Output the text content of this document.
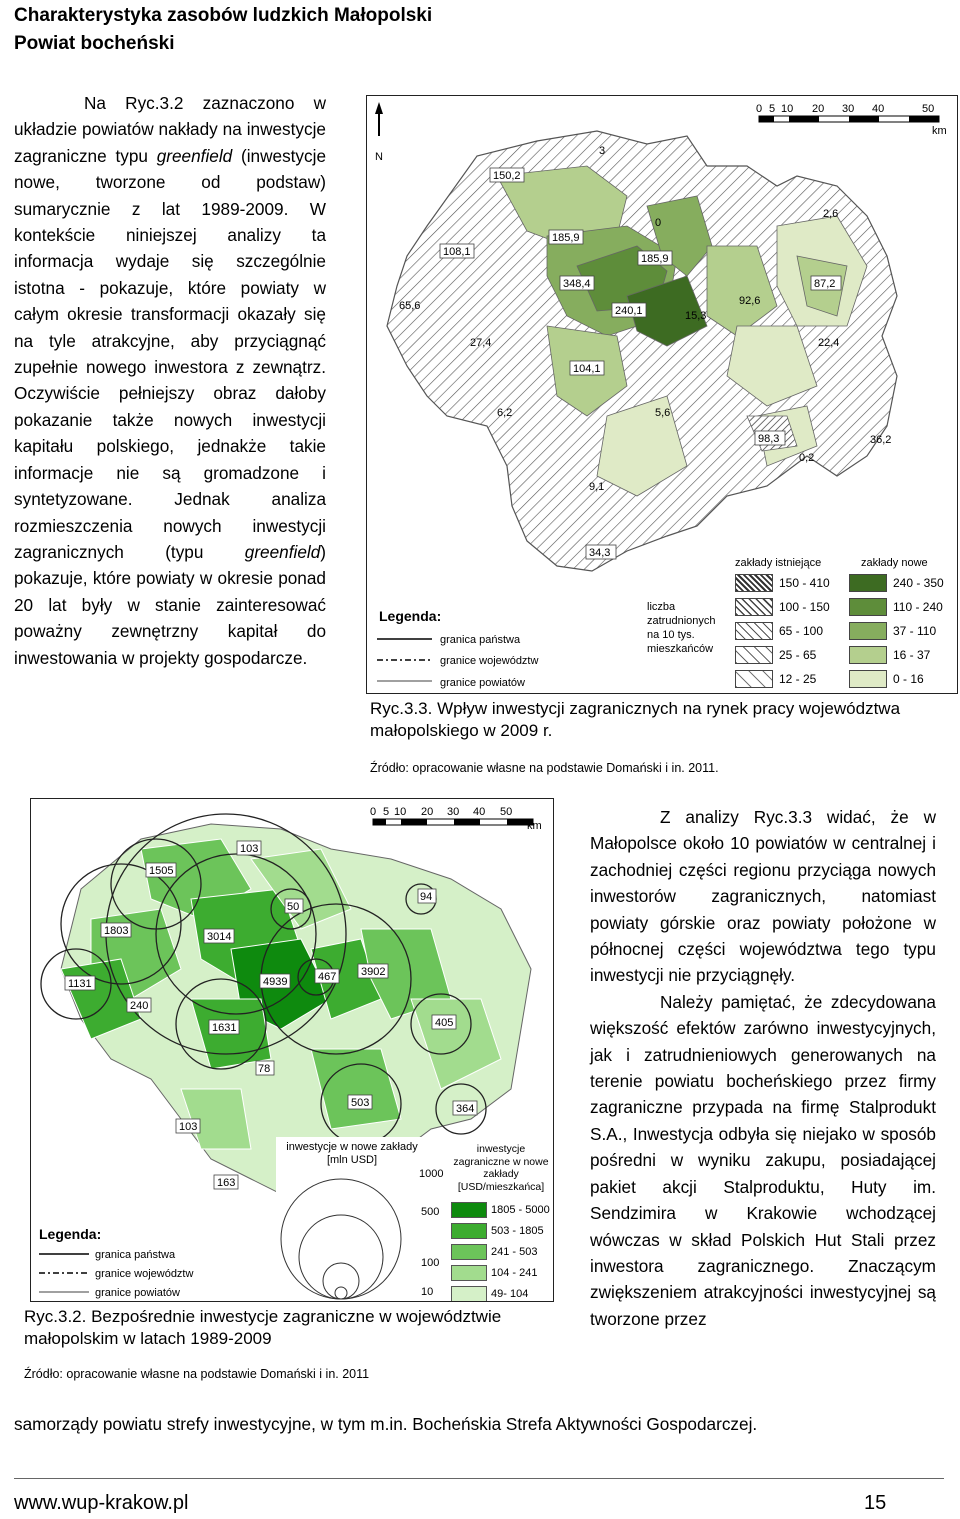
Charakterystyka zasobów ludzkich Małopolski
Powiat bocheński

Na Ryc.3.2 zaznaczono w układzie powiatów nakłady na inwestycje zagraniczne typu greenfield (inwestycje nowe, tworzone od podstaw) sumarycznie z lat 1989-2009. W kontekście niniejszej analizy ta informacja wydaje się szczególnie istotna - pokazuje, które powiaty w całym okresie transformacji okazały się na tyle atrakcyjne, aby przyciągnąć zupełnie nowego inwestora z zewnątrz. Oczywiście pełniejszy obraz dałoby pokazanie także nowych inwestycji kapitału polskiego, jednakże takie informacje nie są gromadzone i syntetyzowane. Jednak analiza rozmieszczenia nowych inwestycji zagranicznych (typu greenfield) pokazuje, które powiaty w okresie ponad 20 lat były w stanie zainteresować poważny zewnętrzny kapitał do inwestowania w projekty gospodarcze.

N
0 5 10 20 30 40	50
km
150,2
3
185,9
0
2,6
108,1
185,9
348,4	87,2
65,6	240,1	15,3
92,6
27,4	22,4
104,1
6,2	5,6
98,3	36,2
0,2
9,1
34,3
Legenda:
granica państwa
granice województw
granice powiatów
liczba
zatrudnionych
na 10 tys.
mieszkańców
zakłady istniejące	zakłady nowe
150 - 410	240 - 350
100 - 150	110 - 240
65 - 100	37 - 110
25 - 65	16 - 37
12 - 25	0 - 16
Ryc.3.3. Wpływ inwestycji zagranicznych na rynek pracy województwa małopolskiego w 2009 r.
Źródło: opracowanie własne na podstawie Domański i in. 2011.
0 5 10 20 30 40 50
km
103
1505
50
94
1803	3014
4939	467 3902
1131
240
405
1631
78
503	364
103
163
Legenda:
granica państwa
granice województw
granice powiatów
1000
500
100
10
inwestycje w nowe zakłady [mln USD]
inwestycje zagraniczne w nowe zakłady [USD/mieszkańca]
1805 - 5000
503 - 1805
241 - 503
104 - 241
49- 104
Ryc.3.2. Bezpośrednie inwestycje zagraniczne w województwie małopolskim w latach 1989-2009
Źródło: opracowanie własne na podstawie Domański i in. 2011

Z analizy Ryc.3.3 widać, że w Małopolsce około 10 powiatów w centralnej i zachodniej części regionu przyciąga nowych inwestorów zagranicznych, natomiast powiaty górskie oraz powiaty położone w północnej części województwa tego typu inwestycji nie przyciągnęły.

Należy pamiętać, że zdecydowana większość efektów zarówno inwestycyjnych, jak i zatrudnieniowych generowanych na terenie powiatu bocheńskiego przez firmy zagraniczne przypada na firmę Stalprodukt S.A., Inwestycja odbyła się niejako w sposób pośredni w wyniku zakupu, posiadającej pakiet akcji Stalproduktu, Huty im. Sendzimira w Krakowie wchodzącej wówczas w skład Polskich Hut Stali przez inwestora zagranicznego. Znaczącym zwiększeniem atrakcyjności inwestycyjnej są tworzone przez

samorządy powiatu strefy inwestycyjne, w tym m.in. Bocheńskia Strefa Aktywności Gospodarczej.
www.wup-krakow.pl	15
